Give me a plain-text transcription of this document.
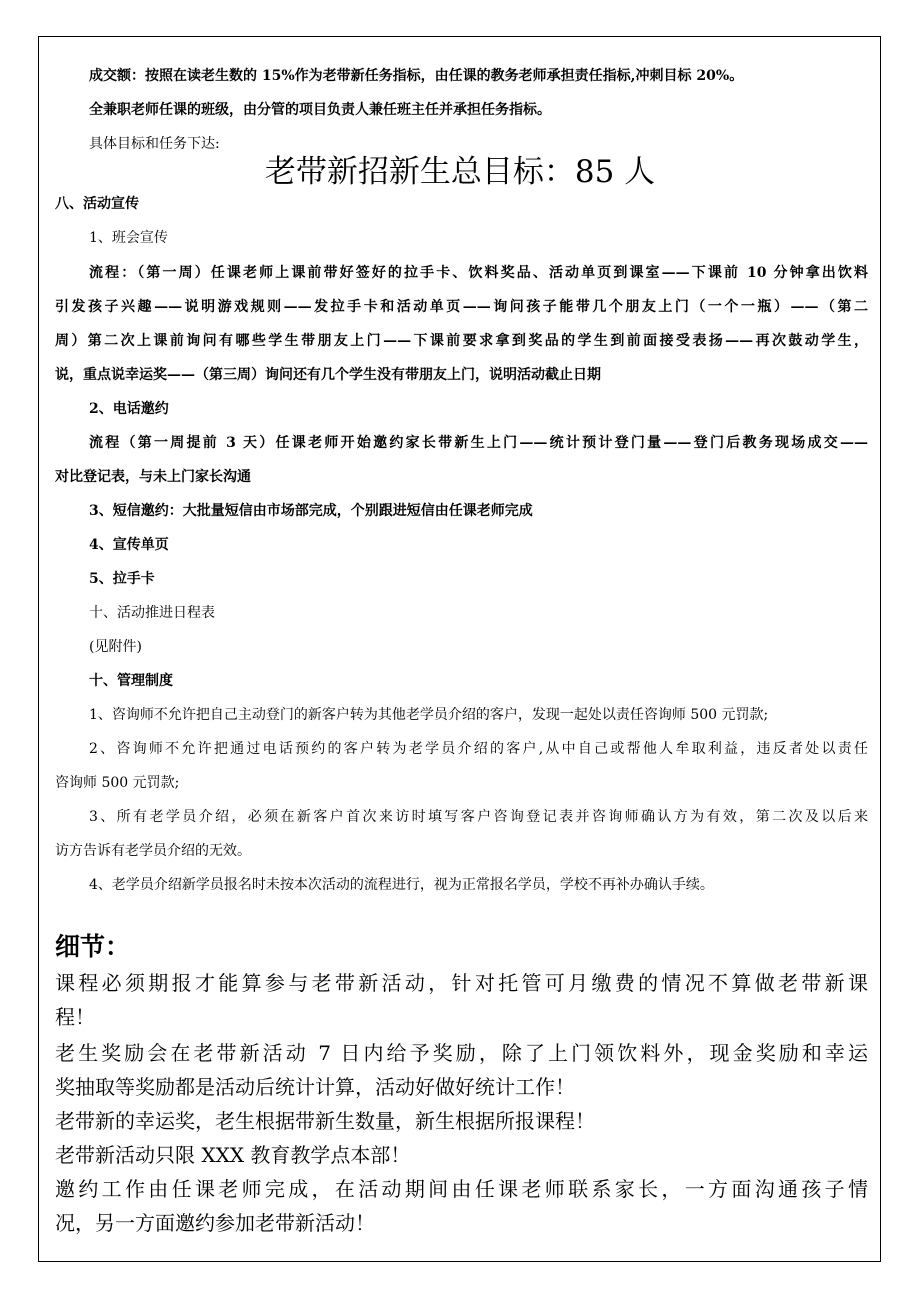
成交额：按照在读老生数的 15%作为老带新任务指标，由任课的教务老师承担责任指标,冲刺目标 20%。
全兼职老师任课的班级，由分管的项目负责人兼任班主任并承担任务指标。
具体目标和任务下达:
老带新招新生总目标：85 人
八、活动宣传
1、班会宣传
流程：（第一周）任课老师上课前带好签好的拉手卡、饮料奖品、活动单页到课室——下课前 10 分钟拿出饮料
引发孩子兴趣——说明游戏规则——发拉手卡和活动单页——询问孩子能带几个朋友上门（一个一瓶）——（第二
周）第二次上课前询问有哪些学生带朋友上门——下课前要求拿到奖品的学生到前面接受表扬——再次鼓动学生，
说，重点说幸运奖——（第三周）询问还有几个学生没有带朋友上门，说明活动截止日期
2、电话邀约
流程（第一周提前 3 天）任课老师开始邀约家长带新生上门——统计预计登门量——登门后教务现场成交——
对比登记表，与未上门家长沟通
3、短信邀约：大批量短信由市场部完成，个别跟进短信由任课老师完成
4、宣传单页
5、拉手卡
十、活动推进日程表
(见附件)
十、管理制度
1、咨询师不允许把自己主动登门的新客户转为其他老学员介绍的客户，发现一起处以责任咨询师 500 元罚款;
2、咨询师不允许把通过电话预约的客户转为老学员介绍的客户,从中自己或帮他人牟取利益，违反者处以责任
咨询师 500 元罚款;
3、所有老学员介绍，必须在新客户首次来访时填写客户咨询登记表并咨询师确认方为有效，第二次及以后来
访方告诉有老学员介绍的无效。
4、老学员介绍新学员报名时未按本次活动的流程进行，视为正常报名学员，学校不再补办确认手续。
细节：
课程必须期报才能算参与老带新活动，针对托管可月缴费的情况不算做老带新课
程！
老生奖励会在老带新活动 7 日内给予奖励，除了上门领饮料外，现金奖励和幸运
奖抽取等奖励都是活动后统计计算，活动好做好统计工作！
老带新的幸运奖，老生根据带新生数量，新生根据所报课程！
老带新活动只限 XXX 教育教学点本部！
邀约工作由任课老师完成，在活动期间由任课老师联系家长，一方面沟通孩子情
况，另一方面邀约参加老带新活动！
